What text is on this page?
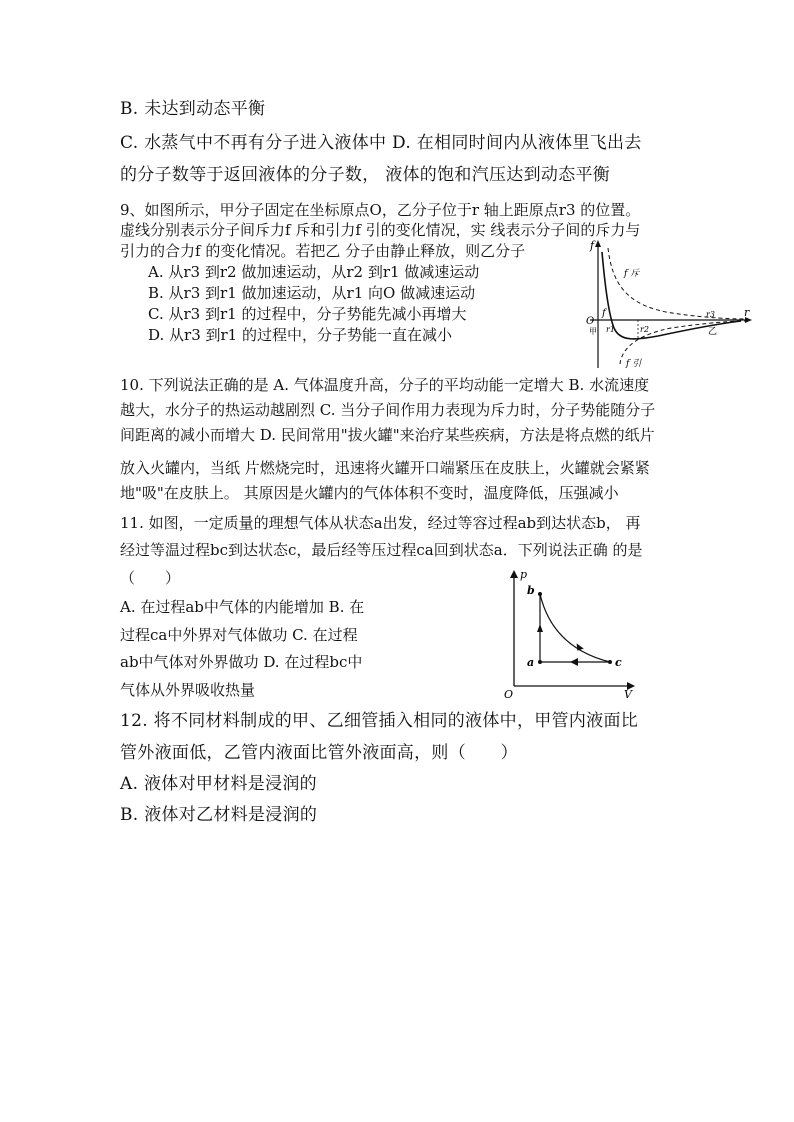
B. 未达到动态平衡
C. 水蒸气中不再有分子进入液体中 D. 在相同时间内从液体里飞出去
的分子数等于返回液体的分子数， 液体的饱和汽压达到动态平衡
9、如图所示，甲分子固定在坐标原点O，乙分子位于r 轴上距原点r3 的位置。
虚线分别表示分子间斥力f 斥和引力f 引的变化情况，实 线表示分子间的斥力与
引力的合力f 的变化情况。若把乙 分子由静止释放，则乙分子
A. 从r3 到r2 做加速运动，从r2 到r1 做减速运动
B. 从r3 到r1 做加速运动，从r1 向O 做减速运动
C. 从r3 到r1 的过程中，分子势能先减小再增大
D. 从r3 到r1 的过程中，分子势能一直在减小
f
f 斥
f
O
甲 r1	r2
r3
乙
r
f 引
10. 下列说法正确的是 A. 气体温度升高，分子的平均动能一定增大 B. 水流速度
越大，水分子的热运动越剧烈 C. 当分子间作用力表现为斥力时，分子势能随分子
间距离的减小而增大 D. 民间常用"拔火罐"来治疗某些疾病，方法是将点燃的纸片
放入火罐内，当纸 片燃烧完时，迅速将火罐开口端紧压在皮肤上，火罐就会紧紧
地"吸"在皮肤上。 其原因是火罐内的气体体积不变时，温度降低，压强减小
11. 如图，一定质量的理想气体从状态a出发，经过等容过程ab到达状态b， 再
经过等温过程bc到达状态c，最后经等压过程ca回到状态a．下列说法正确 的是
（　　）
A. 在过程ab中气体的内能增加 B. 在
过程ca中外界对气体做功 C. 在过程
ab中气体对外界做功 D. 在过程bc中
气体从外界吸收热量
p
b
a	c
O	V
12. 将不同材料制成的甲、乙细管插入相同的液体中，甲管内液面比
管外液面低，乙管内液面比管外液面高，则（　　）
A. 液体对甲材料是浸润的
B. 液体对乙材料是浸润的
